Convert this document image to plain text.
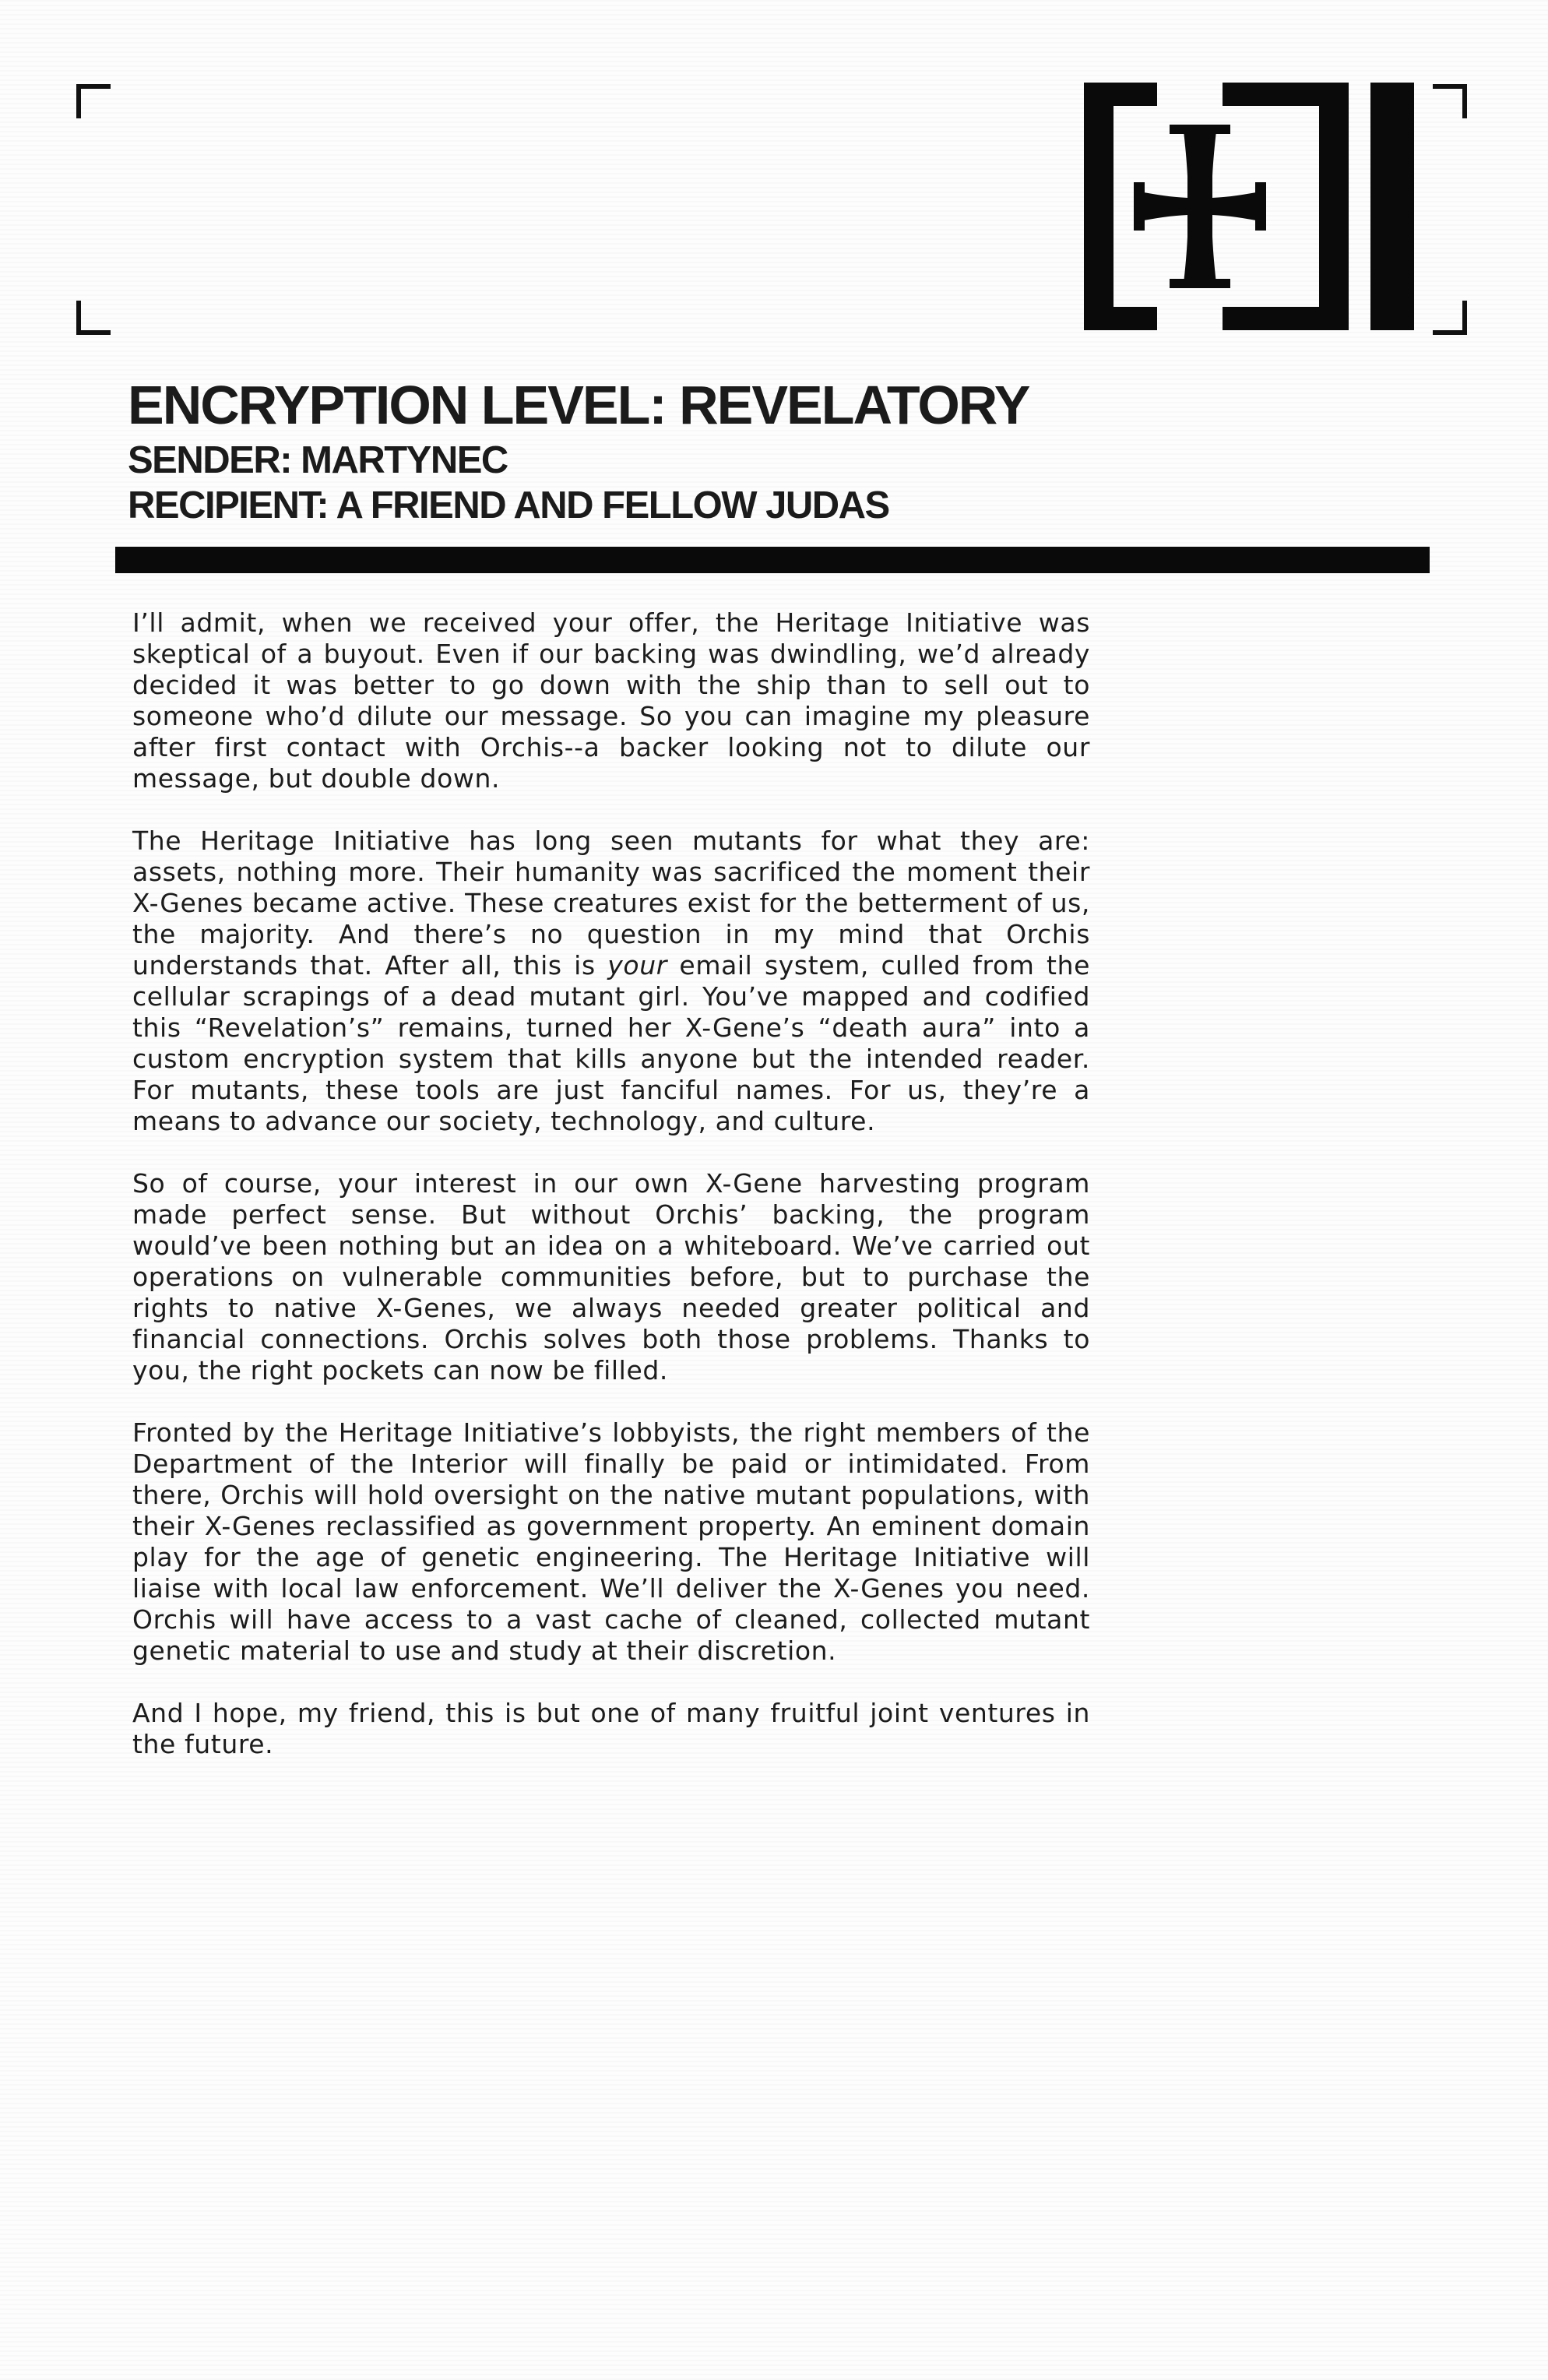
ENCRYPTION LEVEL: REVELATORY
SENDER: MARTYNEC
RECIPIENT: A FRIEND AND FELLOW JUDAS

I’ll admit, when we received your offer, the Heritage Initiative was skeptical of a buyout. Even if our backing was dwindling, we’d already decided it was better to go down with the ship than to sell out to someone who’d dilute our message. So you can imagine my pleasure after first contact with Orchis--a backer looking not to dilute our message, but double down.

The Heritage Initiative has long seen mutants for what they are: assets, nothing more. Their humanity was sacrificed the moment their X-Genes became active. These creatures exist for the betterment of us, the majority. And there’s no question in my mind that Orchis understands that. After all, this is your email system, culled from the cellular scrapings of a dead mutant girl. You’ve mapped and codified this “Revelation’s” remains, turned her X-Gene’s “death aura” into a custom encryption system that kills anyone but the intended reader. For mutants, these tools are just fanciful names. For us, they’re a means to advance our society, technology, and culture.

So of course, your interest in our own X-Gene harvesting program made perfect sense. But without Orchis’ backing, the program would’ve been nothing but an idea on a whiteboard. We’ve carried out operations on vulnerable communities before, but to purchase the rights to native X-Genes, we always needed greater political and financial connections. Orchis solves both those problems. Thanks to you, the right pockets can now be filled.

Fronted by the Heritage Initiative’s lobbyists, the right members of the Department of the Interior will finally be paid or intimidated. From there, Orchis will hold oversight on the native mutant populations, with their X-Genes reclassified as government property. An eminent domain play for the age of genetic engineering. The Heritage Initiative will liaise with local law enforcement. We’ll deliver the X-Genes you need. Orchis will have access to a vast cache of cleaned, collected mutant genetic material to use and study at their discretion.

And I hope, my friend, this is but one of many fruitful joint ventures in the future.
